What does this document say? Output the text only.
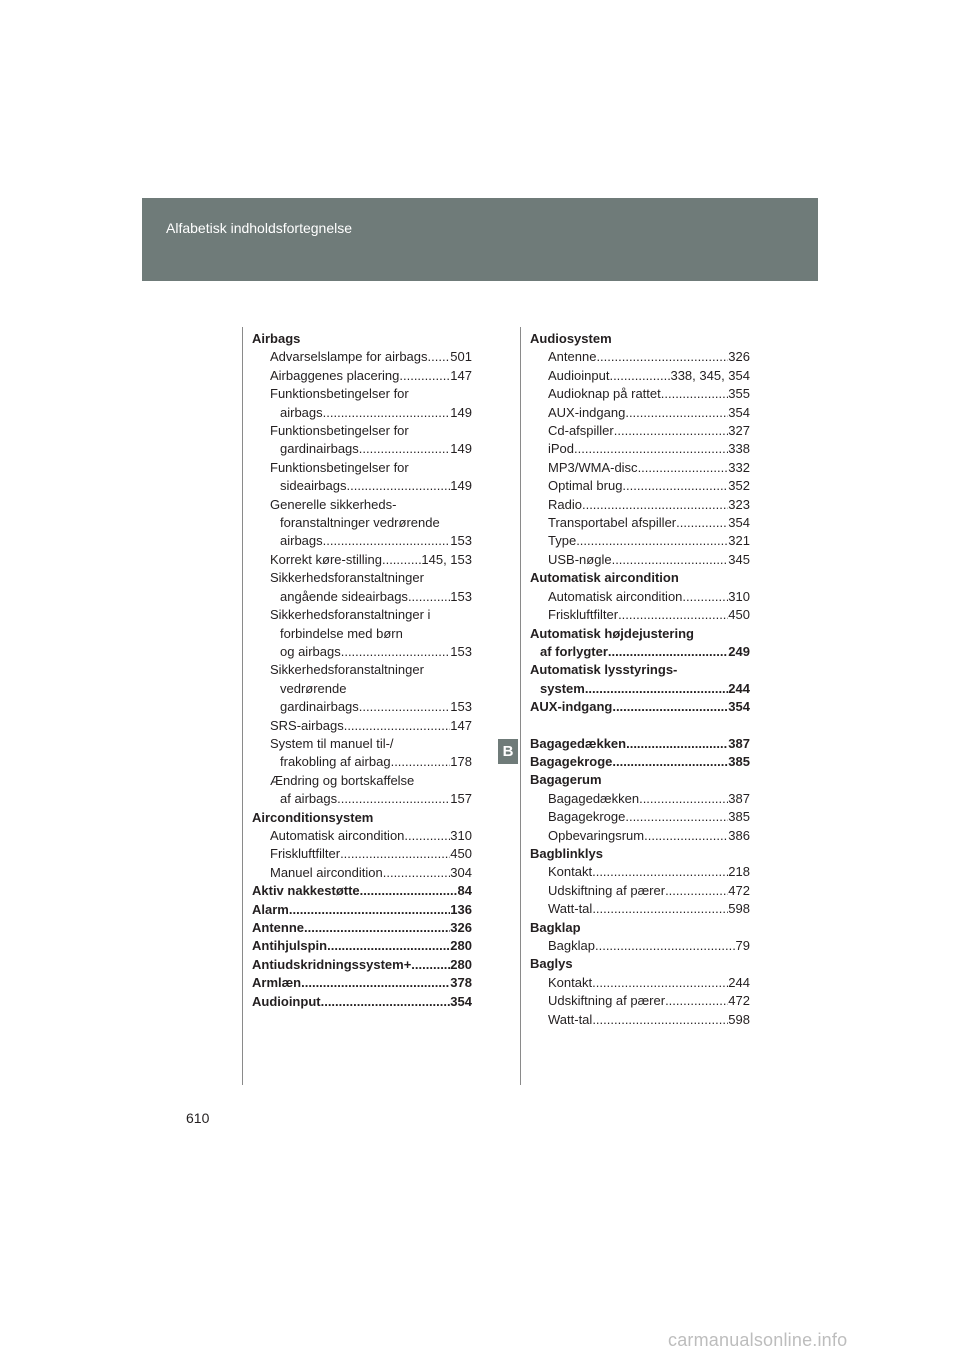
Alfabetisk indholdsfortegnelse
Airbags
Advarselslampe for airbags ..... 501
Airbaggenes placering .....	147
Funktionsbetingelser for
airbags .....	149
Funktionsbetingelser for
gardinairbags .....	149
Funktionsbetingelser for
sideairbags .....	149
Generelle sikkerheds-
foranstaltninger vedrørende
airbags .....	153
Korrekt køre-stilling .....	145, 153
Sikkerhedsforanstaltninger
angående sideairbags .....	153
Sikkerhedsforanstaltninger i
forbindelse med børn
og airbags .....	153
Sikkerhedsforanstaltninger
vedrørende
gardinairbags .....	153
SRS-airbags .....	147
System til manuel til-/
frakobling af airbag .....	178
Ændring og bortskaffelse
af airbags .....	157
Airconditionsystem
Automatisk aircondition .....	310
Friskluftfilter .....	450
Manuel aircondition .....	304
Aktiv nakkestøtte .....	84
Alarm .....	136
Antenne .....	326
Antihjulspin .....	280
Antiudskridningssystem+ .....	280
Armlæn .....	378
Audioinput .....	354
Audiosystem
Antenne .....	326
Audioinput .....	338, 345, 354
Audioknap på rattet .....	355
AUX-indgang .....	354
Cd-afspiller .....	327
iPod .....	338
MP3/WMA-disc .....	332
Optimal brug .....	352
Radio .....	323
Transportabel afspiller .....	354
Type .....	321
USB-nøgle .....	345
Automatisk aircondition
Automatisk aircondition .....	310
Friskluftfilter .....	450
Automatisk højdejustering
af forlygter .....	249
Automatisk lysstyrings-
system .....	244
AUX-indgang .....	354
Bagagedækken .....	387
Bagagekroge .....	385
Bagagerum
Bagagedækken .....	387
Bagagekroge .....	385
Opbevaringsrum .....	386
Bagblinklys
Kontakt .....	218
Udskiftning af pærer .....	472
Watt-tal .....	598
Bagklap
Bagklap .....	79
Baglys
Kontakt .....	244
Udskiftning af pærer .....	472
Watt-tal .....	598
B
610
carmanualsonline.info
